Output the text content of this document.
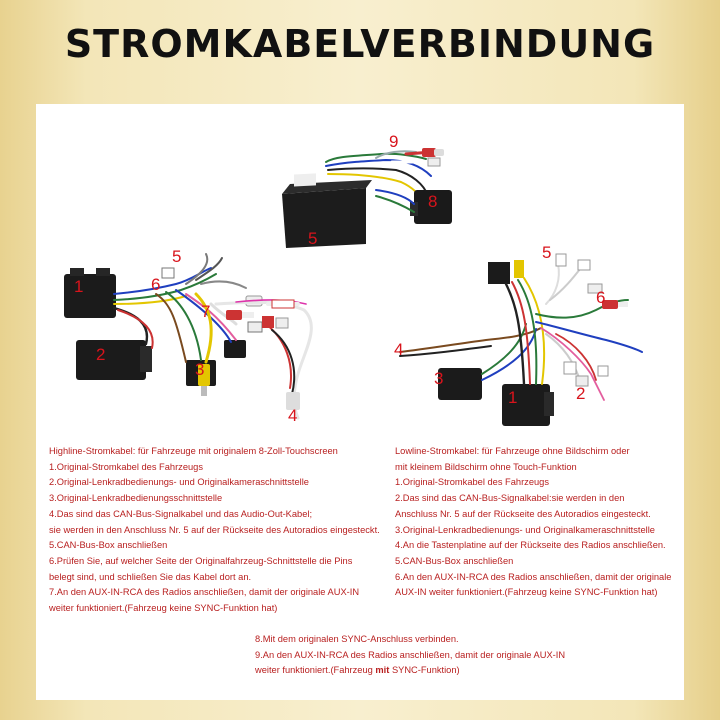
STROMKABELVERBINDUNG
9
8
5
5
6
1
7
2
3
4
5
6
4
3
1	2
Highline-Stromkabel: für Fahrzeuge mit originalem 8-Zoll-Touchscreen
1.Original-Stromkabel des Fahrzeugs
2.Original-Lenkradbedienungs- und Originalkameraschnittstelle
3.Original-Lenkradbedienungsschnittstelle
4.Das sind das CAN-Bus-Signalkabel und das Audio-Out-Kabel;
sie werden in den Anschluss Nr. 5 auf der Rückseite des Autoradios eingesteckt.
5.CAN-Bus-Box anschließen
6.Prüfen Sie, auf welcher Seite der Originalfahrzeug-Schnittstelle die Pins
belegt sind, und schließen Sie das Kabel dort an.
7.An den AUX-IN-RCA des Radios anschließen, damit der originale AUX-IN
weiter funktioniert.(Fahrzeug keine SYNC-Funktion hat)
Lowline-Stromkabel: für Fahrzeuge ohne Bildschirm oder
mit kleinem Bildschirm ohne Touch-Funktion
1.Original-Stromkabel des Fahrzeugs
2.Das sind das CAN-Bus-Signalkabel:sie werden in den
Anschluss Nr. 5 auf der Rückseite des Autoradios eingesteckt.
3.Original-Lenkradbedienungs- und Originalkameraschnittstelle
4.An die Tastenplatine auf der Rückseite des Radios anschließen.
5.CAN-Bus-Box anschließen
6.An den AUX-IN-RCA des Radios anschließen, damit der originale
AUX-IN weiter funktioniert.(Fahrzeug keine SYNC-Funktion hat)
8.Mit dem originalen SYNC-Anschluss verbinden.
9.An den AUX-IN-RCA des Radios anschließen, damit der originale AUX-IN
weiter funktioniert.(Fahrzeug mit SYNC-Funktion)
